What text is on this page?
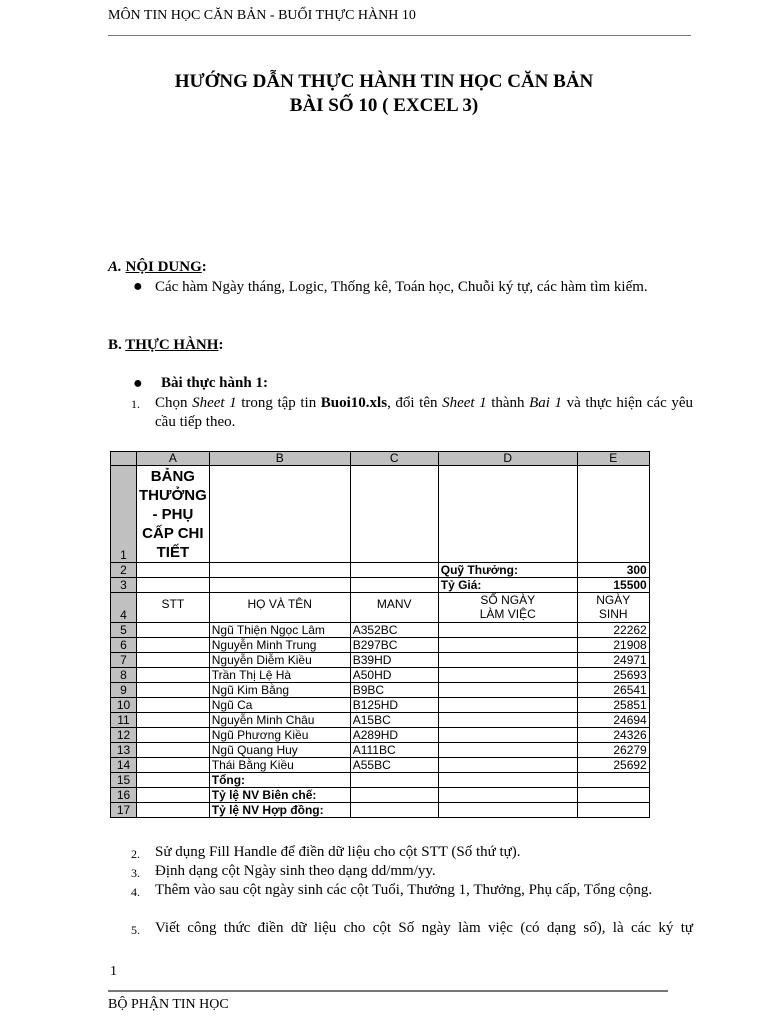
MÔN TIN HỌC CĂN BẢN - BUỔI THỰC HÀNH 10
HƯỚNG DẪN THỰC HÀNH TIN HỌC CĂN BẢN
BÀI SỐ 10 ( EXCEL 3)
A. NỘI DUNG:
● Các hàm Ngày tháng, Logic, Thống kê, Toán học, Chuỗi ký tự, các hàm tìm kiếm.
B. THỰC HÀNH:
● Bài thực hành 1:
1. Chọn Sheet 1 trong tập tin Buoi10.xls, đổi tên Sheet 1 thành Bai 1 và thực hiện các yêu cầu tiếp theo.
	A	B	C	D	E
1	BẢNG THƯỞNG - PHỤ CẤP CHI TIẾT				
2				Quỹ Thưởng:	300
3				Tỷ Giá:	15500
4	STT	HỌ VÀ TÊN	MANV	SỐ NGÀY LÀM VIỆC	NGÀY SINH
5		Ngũ Thiện Ngọc Lâm	A352BC		22262
6		Nguyễn Minh Trung	B297BC		21908
7		Nguyễn Diễm Kiều	B39HD		24971
8		Trần Thị Lệ Hà	A50HD		25693
9		Ngũ Kim Bằng	B9BC		26541
10		Ngũ Ca	B125HD		25851
11		Nguyễn Minh Châu	A15BC		24694
12		Ngũ Phương Kiều	A289HD		24326
13		Ngũ Quang Huy	A111BC		26279
14		Thái Bằng Kiều	A55BC		25692
15		Tổng:			
16		Tỷ lệ NV Biên chế:			
17		Tỷ lệ NV Hợp đồng:			
2. Sử dụng Fill Handle để điền dữ liệu cho cột STT (Số thứ tự).
3. Định dạng cột Ngày sinh theo dạng dd/mm/yy.
4. Thêm vào sau cột ngày sinh các cột Tuổi, Thưởng 1, Thưởng, Phụ cấp, Tổng cộng.
5. Viết công thức điền dữ liệu cho cột Số ngày làm việc (có dạng số), là các ký tự
1
BỘ PHẬN TIN HỌC
